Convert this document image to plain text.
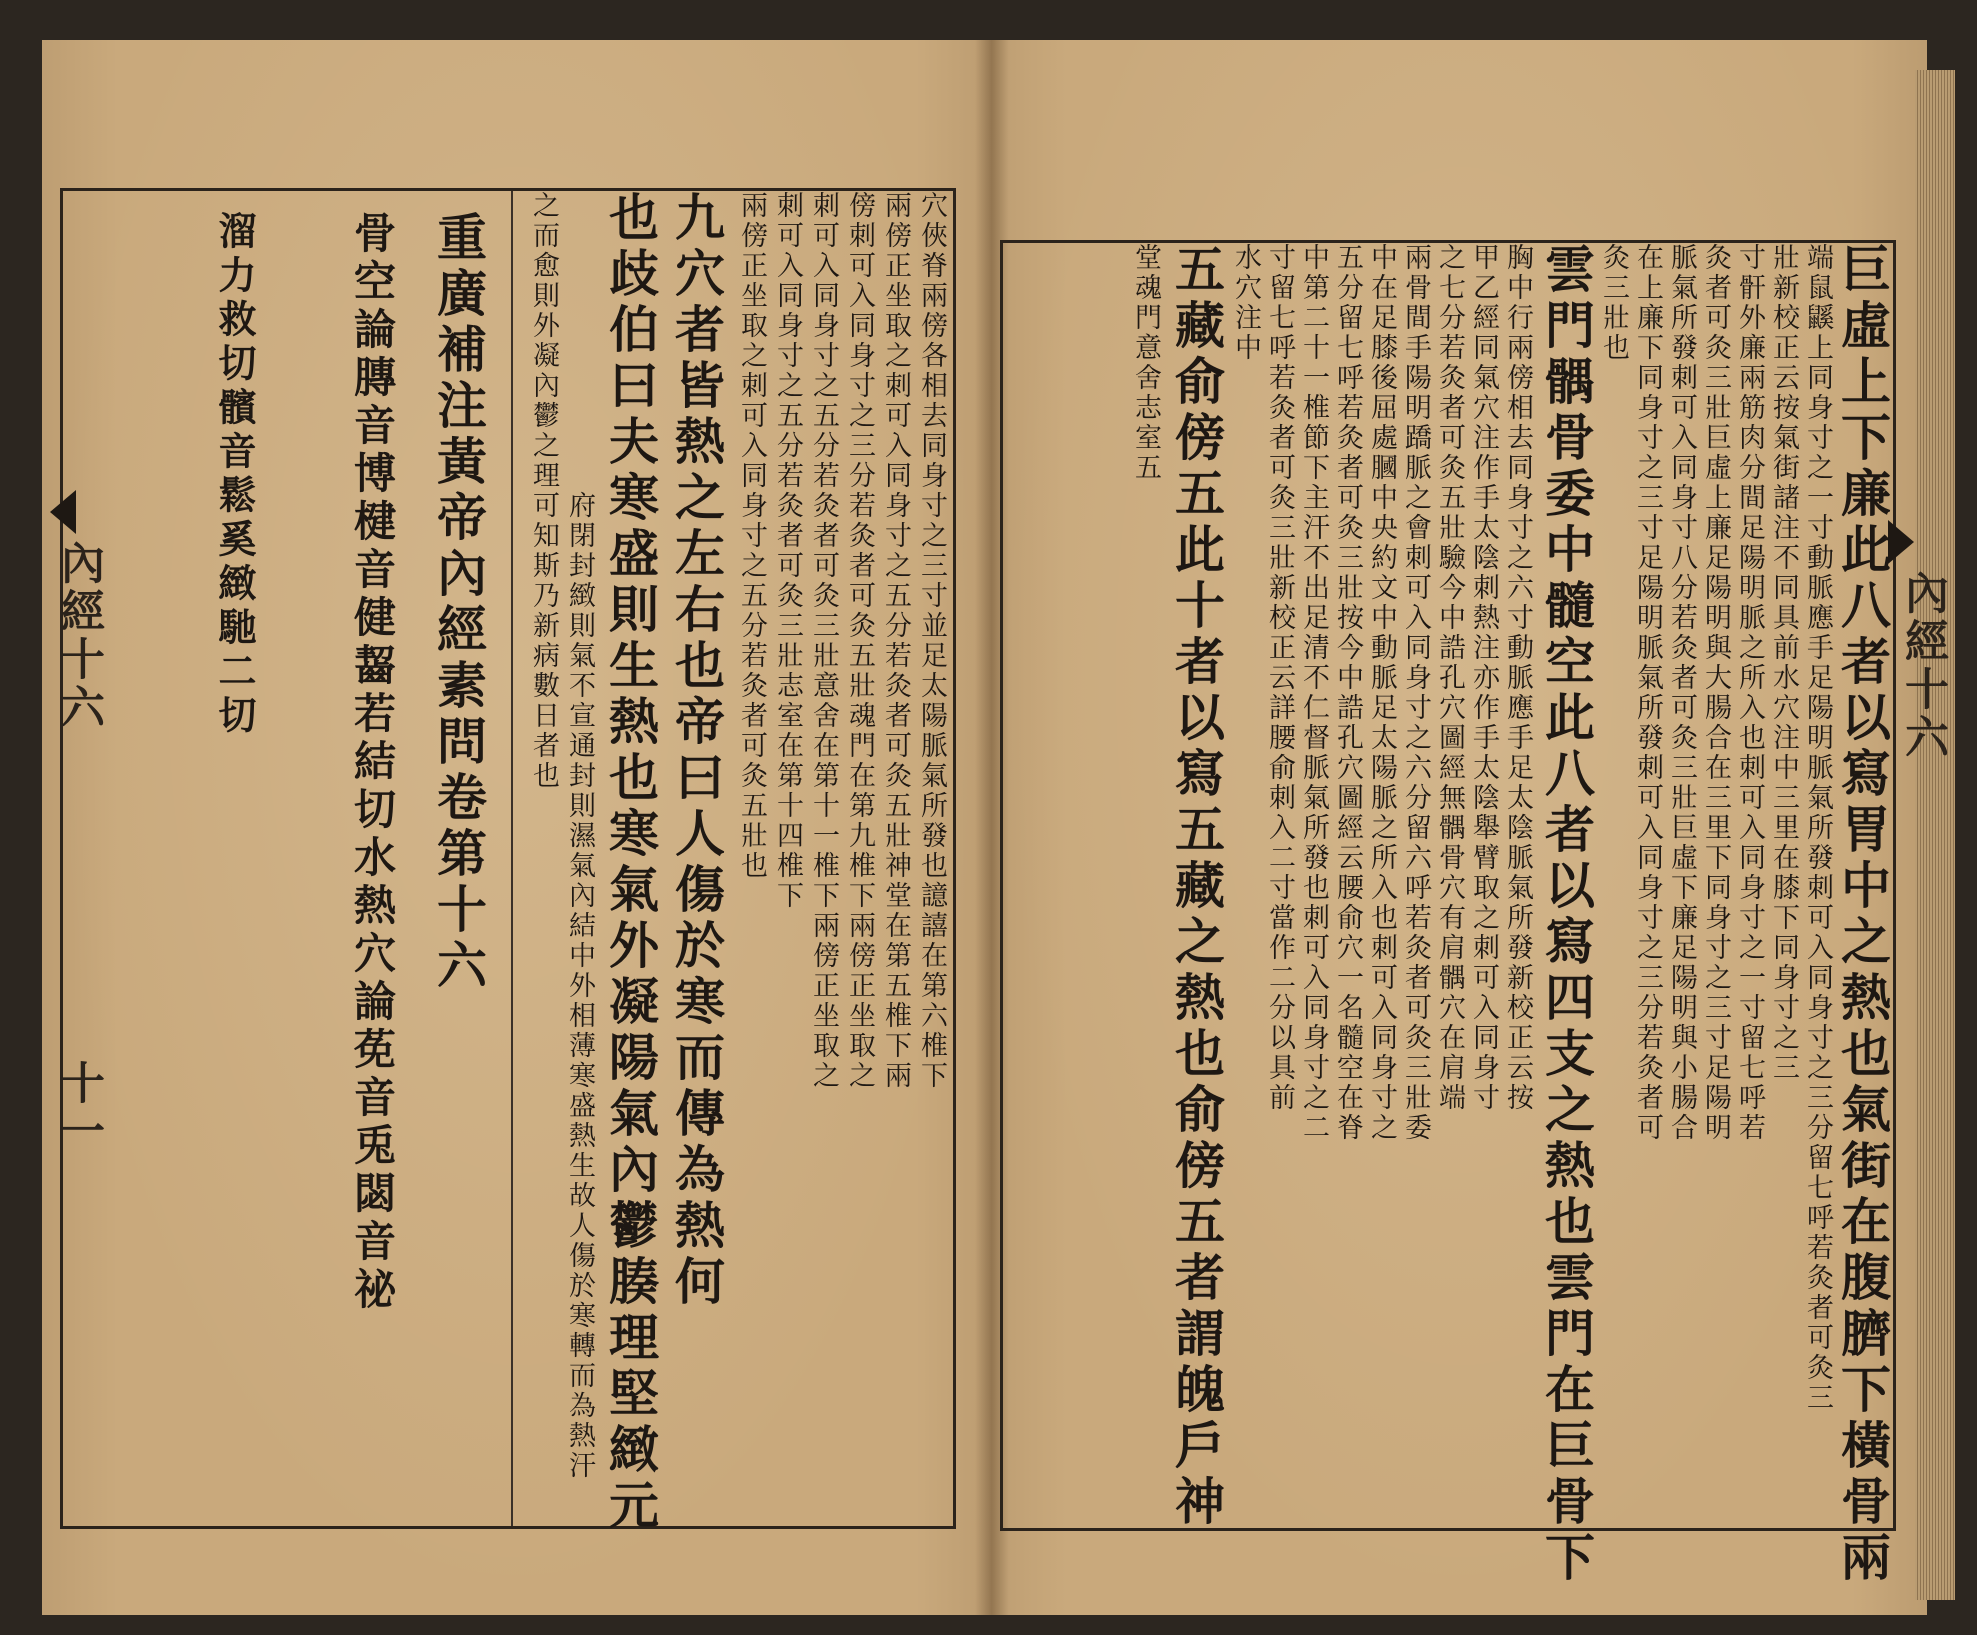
穴俠脊兩傍各相去同身寸之三寸並足太陽脈氣所發也譩譆在第六椎下
兩傍正坐取之刺可入同身寸之五分若灸者可灸五壯神堂在第五椎下兩
傍刺可入同身寸之三分若灸者可灸五壯魂門在第九椎下兩傍正坐取之
刺可入同身寸之五分若灸者可灸三壯意舍在第十一椎下兩傍正坐取之
刺可入同身寸之五分若灸者可灸三壯志室在第十四椎下
兩傍正坐取之刺可入同身寸之五分若灸者可灸五壯也
九穴者皆熱之左右也帝曰人傷於寒而傳為熱何
也歧伯曰夫寒盛則生熱也寒氣外凝陽氣內鬱腠理堅緻元
府閉封緻則氣不宣通封則濕氣內結中外相薄寒盛熱生故人傷於寒轉而為熱汗
之而愈則外凝內鬱之理可知斯乃新病數日者也
重廣補注黃帝內經素問卷第十六
骨空論膞音博楗音健齧若結切水熱穴論莬音兎閟音祕
溜力救切髕音鬆奚緻馳二切
內經十六
十一	巨虛上下廉此八者以寫胃中之熱也氣街在腹臍下橫骨兩
端鼠鼷上同身寸之一寸動脈應手足陽明脈氣所發刺可入同身寸之三分留七呼若灸者可灸三
壯新校正云按氣街諸注不同具前水穴注中三里在膝下同身寸之三
寸骭外廉兩筋肉分間足陽明脈之所入也刺可入同身寸之一寸留七呼若
灸者可灸三壯巨虛上廉足陽明與大腸合在三里下同身寸之三寸足陽明
脈氣所發刺可入同身寸八分若灸者可灸三壯巨虛下廉足陽明與小腸合
在上廉下同身寸之三寸足陽明脈氣所發刺可入同身寸之三分若灸者可
灸三壯也
雲門髃骨委中髓空此八者以寫四支之熱也雲門在巨骨下
胸中行兩傍相去同身寸之六寸動脈應手足太陰脈氣所發新校正云按
甲乙經同氣穴注作手太陰刺熱注亦作手太陰舉臂取之刺可入同身寸
之七分若灸者可灸五壯驗今中誥孔穴圖經無髃骨穴有肩髃穴在肩端
兩骨間手陽明蹻脈之會刺可入同身寸之六分留六呼若灸者可灸三壯委
中在足膝後屈處膕中央約文中動脈足太陽脈之所入也刺可入同身寸之
五分留七呼若灸者可灸三壯按今中誥孔穴圖經云腰俞穴一名髓空在脊
中第二十一椎節下主汗不出足清不仁督脈氣所發也刺可入同身寸之二
寸留七呼若灸者可灸三壯新校正云詳腰俞刺入二寸當作二分以具前
水穴注中
五藏俞傍五此十者以寫五藏之熱也俞傍五者謂魄戶神
堂魂門意舍志室五
內經十六
